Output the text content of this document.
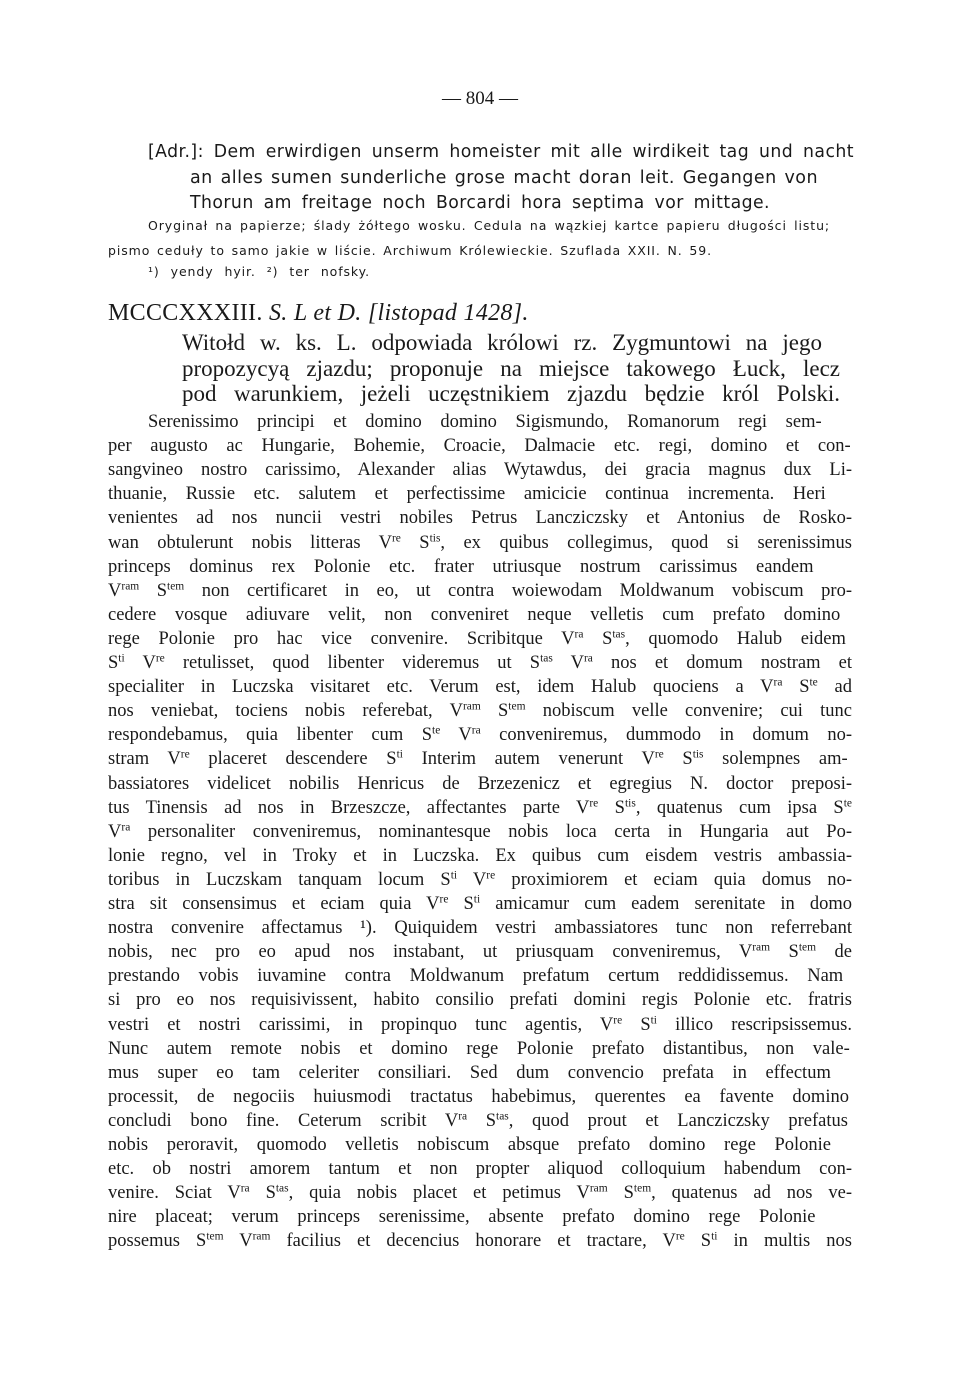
— 804 —
[Adr.]: Dem erwirdigen unserm homeister mit alle wirdikeit tag und nacht
an alles sumen sunderliche grose macht doran leit. Gegangen von
Thorun am freitage noch Borcardi hora septima vor mittage.
Oryginał na papierze; ślady żółtego wosku. Cedula na wązkiej kartce papieru długości listu;
pismo ceduły to samo jakie w liście. Archiwum Królewieckie. Szuflada XXII. N. 59.
¹) yendy hyir. ²) ter nofsky.
MCCCXXXIII. S. L et D. [listopad 1428].
Witołd w. ks. L. odpowiada królowi rz. Zygmuntowi na jego
propozycyą zjazdu; proponuje na miejsce takowego Łuck, lecz
pod warunkiem, jeżeli uczęstnikiem zjazdu będzie król Polski.
Serenissimo principi et domino domino Sigismundo, Romanorum regi sem-
per augusto ac Hungarie, Bohemie, Croacie, Dalmacie etc. regi, domino et con-
sangvineo nostro carissimo, Alexander alias Wytawdus, dei gracia magnus dux Li-
thuanie, Russie etc. salutem et perfectissime amicicie continua incrementa. Heri
venientes ad nos nuncii vestri nobiles Petrus Lancziczsky et Antonius de Rosko-
wan obtulerunt nobis litteras Vre $S^{tis}$, ex quibus collegimus, quod si serenissimus
princeps dominus rex Polonie etc. frater utriusque nostrum carissimus eandem
$V^{ram}$ $S^{tem}$ non certificaret in eo, ut contra woiewodam Moldwanum vobiscum pro-
cedere vosque adiuvare velit, non conveniret neque velletis cum prefato domino
rege Polonie pro hac vice convenire. Scribitque $V^{ra}$ $S^{tas}$, quomodo Halub eidem
$S^{ti}$ Vre retulisset, quod libenter videremus ut $S^{tas}$ $V^{ra}$ nos et domum nostram et
specialiter in Luczska visitaret etc. Verum est, idem Halub quociens a $V^{ra}$ $S^{te}$ ad
nos veniebat, tociens nobis referebat, $V^{ram}$ $S^{tem}$ nobiscum velle convenire; cui tunc
respondebamus, quia libenter cum $S^{te}$ $V^{ra}$ conveniremus, dummodo in domum no-
stram Vre placeret descendere $S^{ti}$ Interim autem venerunt Vre $S^{tis}$ solempnes am-
bassiatores videlicet nobilis Henricus de Brzezenicz et egregius N. doctor preposi-
tus Tinensis ad nos in Brzeszcze, affectantes parte Vre $S^{tis}$, quatenus cum ipsa $S^{te}$
$V^{ra}$ personaliter conveniremus, nominantesque nobis loca certa in Hungaria aut Po-
lonie regno, vel in Troky et in Luczska. Ex quibus cum eisdem vestris ambassia-
toribus in Luczskam tanquam locum $S^{ti}$ Vre proximiorem et eciam quia domus no-
stra sit consensimus et eciam quia Vre $S^{ti}$ amicamur cum eadem serenitate in domo
nostra convenire affectamus ¹). Quiquidem vestri ambassiatores tunc non referrebant
nobis, nec pro eo apud nos instabant, ut priusquam conveniremus, $V^{ram}$ $S^{tem}$ de
prestando vobis iuvamine contra Moldwanum prefatum certum reddidissemus. Nam
si pro eo nos requisivissent, habito consilio prefati domini regis Polonie etc. fratris
vestri et nostri carissimi, in propinquo tunc agentis, Vre $S^{ti}$ illico rescripsissemus.
Nunc autem remote nobis et domino rege Polonie prefato distantibus, non vale-
mus super eo tam celeriter consiliari. Sed dum convencio prefata in effectum
processit, de negociis huiusmodi tractatus habebimus, querentes ea favente domino
concludi bono fine. Ceterum scribit $V^{ra}$ $S^{tas}$, quod prout et Lancziczsky prefatus
nobis peroravit, quomodo velletis nobiscum absque prefato domino rege Polonie
etc. ob nostri amorem tantum et non propter aliquod colloquium habendum con-
venire. Sciat $V^{ra}$ $S^{tas}$, quia nobis placet et petimus $V^{ram}$ $S^{tem}$, quatenus ad nos ve-
nire placeat; verum princeps serenissime, absente prefato domino rege Polonie
possemus $S^{tem}$ $V^{ram}$ facilius et decencius honorare et tractare, Vre $S^{ti}$ in multis nos
